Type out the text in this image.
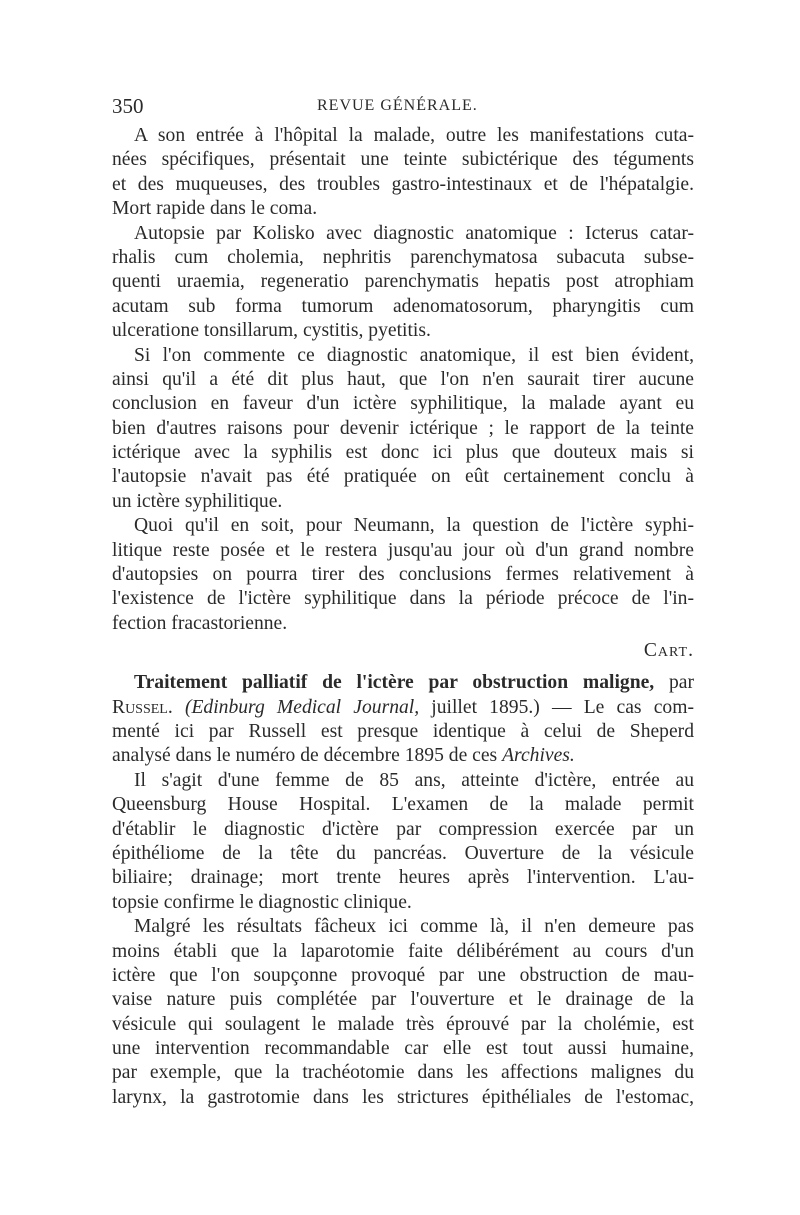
350	REVUE GÉNÉRALE.
A son entrée à l'hôpital la malade, outre les manifestations cuta-
nées spécifiques, présentait une teinte subictérique des téguments
et des muqueuses, des troubles gastro-intestinaux et de l'hépatalgie.
Mort rapide dans le coma.
Autopsie par Kolisko avec diagnostic anatomique : Icterus catar-
rhalis cum cholemia, nephritis parenchymatosa subacuta subse-
quenti uraemia, regeneratio parenchymatis hepatis post atrophiam
acutam sub forma tumorum adenomatosorum, pharyngitis cum
ulceratione tonsillarum, cystitis, pyetitis.
Si l'on commente ce diagnostic anatomique, il est bien évident,
ainsi qu'il a été dit plus haut, que l'on n'en saurait tirer aucune
conclusion en faveur d'un ictère syphilitique, la malade ayant eu
bien d'autres raisons pour devenir ictérique ; le rapport de la teinte
ictérique avec la syphilis est donc ici plus que douteux mais si
l'autopsie n'avait pas été pratiquée on eût certainement conclu à
un ictère syphilitique.
Quoi qu'il en soit, pour Neumann, la question de l'ictère syphi-
litique reste posée et le restera jusqu'au jour où d'un grand nombre
d'autopsies on pourra tirer des conclusions fermes relativement à
l'existence de l'ictère syphilitique dans la période précoce de l'in-
fection fracastorienne.
Cart.
Traitement palliatif de l'ictère par obstruction maligne, par
Russel. (Edinburg Medical Journal, juillet 1895.) — Le cas com-
menté ici par Russell est presque identique à celui de Sheperd
analysé dans le numéro de décembre 1895 de ces Archives.
Il s'agit d'une femme de 85 ans, atteinte d'ictère, entrée au
Queensburg House Hospital. L'examen de la malade permit
d'établir le diagnostic d'ictère par compression exercée par un
épithéliome de la tête du pancréas. Ouverture de la vésicule
biliaire; drainage; mort trente heures après l'intervention. L'au-
topsie confirme le diagnostic clinique.
Malgré les résultats fâcheux ici comme là, il n'en demeure pas
moins établi que la laparotomie faite délibérément au cours d'un
ictère que l'on soupçonne provoqué par une obstruction de mau-
vaise nature puis complétée par l'ouverture et le drainage de la
vésicule qui soulagent le malade très éprouvé par la cholémie, est
une intervention recommandable car elle est tout aussi humaine,
par exemple, que la trachéotomie dans les affections malignes du
larynx, la gastrotomie dans les strictures épithéliales de l'estomac,
